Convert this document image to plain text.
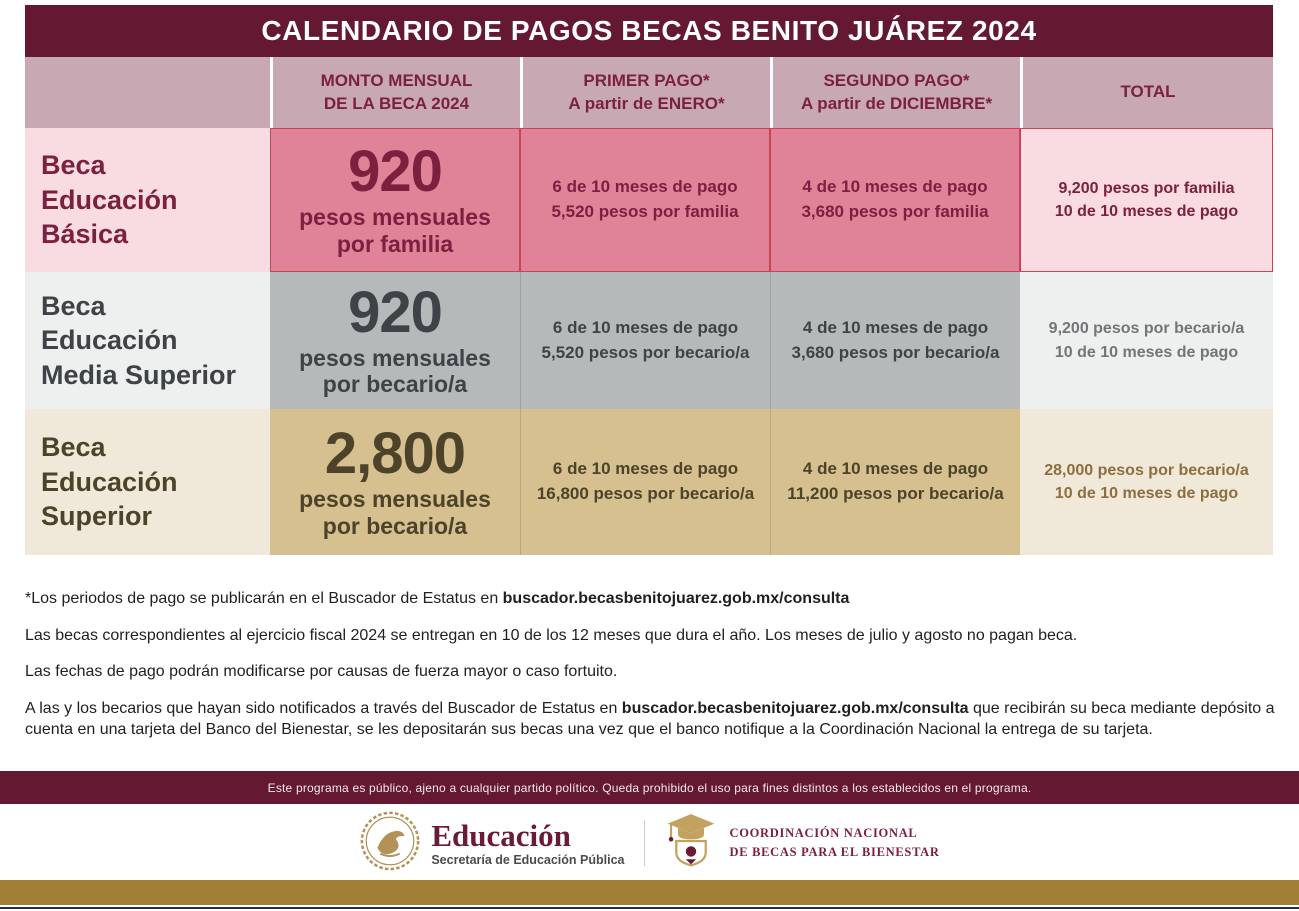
CALENDARIO DE PAGOS BECAS BENITO JUÁREZ 2024
MONTO MENSUAL
DE LA BECA 2024
PRIMER PAGO*
A partir de ENERO*
SEGUNDO PAGO*
A partir de DICIEMBRE*
TOTAL
Beca
Educación
Básica
920
pesos mensuales
por familia
6 de 10 meses de pago
5,520 pesos por familia
4 de 10 meses de pago
3,680 pesos por familia
9,200 pesos por familia
10 de 10 meses de pago
Beca
Educación
Media Superior
920
pesos mensuales
por becario/a
6 de 10 meses de pago
5,520 pesos por becario/a
4 de 10 meses de pago
3,680 pesos por becario/a
9,200 pesos por becario/a
10 de 10 meses de pago
Beca
Educación
Superior
2,800
pesos mensuales
por becario/a
6 de 10 meses de pago
16,800 pesos por becario/a
4 de 10 meses de pago
11,200 pesos por becario/a
28,000 pesos por becario/a
10 de 10 meses de pago

*Los periodos de pago se publicarán en el Buscador de Estatus en buscador.becasbenitojuarez.gob.mx/consulta

Las becas correspondientes al ejercicio fiscal 2024 se entregan en 10 de los 12 meses que dura el año. Los meses de julio y agosto no pagan beca.

Las fechas de pago podrán modificarse por causas de fuerza mayor o caso fortuito.

A las y los becarios que hayan sido notificados a través del Buscador de Estatus en buscador.becasbenitojuarez.gob.mx/consulta que recibirán su beca mediante depósito a cuenta en una tarjeta del Banco del Bienestar, se les depositarán sus becas una vez que el banco notifique a la Coordinación Nacional la entrega de su tarjeta.

Este programa es público, ajeno a cualquier partido político. Queda prohibido el uso para fines distintos a los establecidos en el programa.
Educación
Secretaría de Educación Pública
COORDINACIÓN NACIONAL
DE BECAS PARA EL BIENESTAR
